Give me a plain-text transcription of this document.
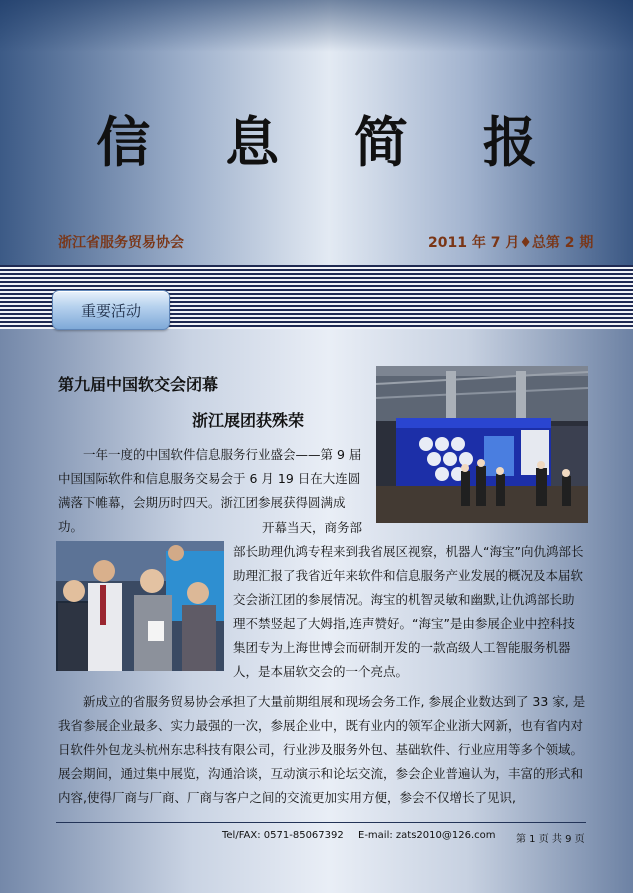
信 息 简 报
浙江省服务贸易协会	2011 年 7 月♦总第 2 期
重要活动
第九届中国软交会闭幕
浙江展团获殊荣
一年一度的中国软件信息服务行业盛会——第 9 届中国国际软件和信息服务交易会于 6 月 19 日在大连圆满落下帷幕，会期历时四天。浙江团参展获得圆满成功。	开幕当天，商务部
部长助理仇鸿专程来到我省展区视察，机器人“海宝”向仇鸿部长助理汇报了我省近年来软件和信息服务产业发展的概况及本届软交会浙江团的参展情况。海宝的机智灵敏和幽默,让仇鸿部长助理不禁竖起了大姆指,连声赞好。“海宝”是由参展企业中控科技集团专为上海世博会而研制开发的一款高级人工智能服务机器人，是本届软交会的一个亮点。
新成立的省服务贸易协会承担了大量前期组展和现场会务工作, 参展企业数达到了 33 家, 是我省参展企业最多、实力最强的一次，参展企业中，既有业内的领军企业浙大网新，也有省内对日软件外包龙头杭州东忠科技有限公司，行业涉及服务外包、基础软件、行业应用等多个领域。展会期间，通过集中展览，沟通洽谈，互动演示和论坛交流，参会企业普遍认为，丰富的形式和内容,使得厂商与厂商、厂商与客户之间的交流更加实用方便，参会不仅增长了见识,
Tel/FAX: 0571-85067392 E-mail: zats2010@126.com 第 1 页 共 9 页
